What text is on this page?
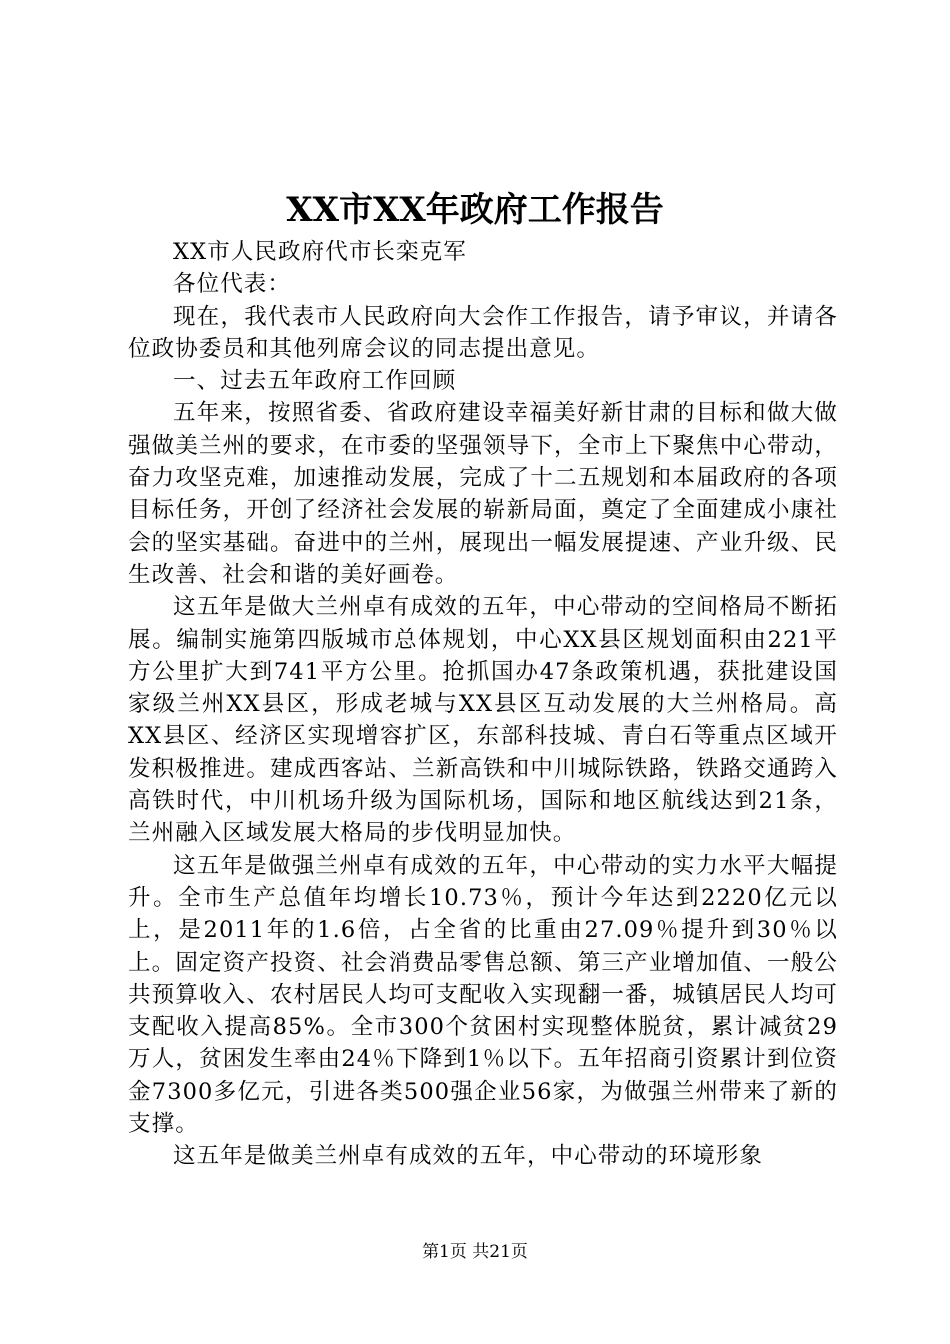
XX市XX年政府工作报告

XX市人民政府代市长栾克军

各位代表：

现在，我代表市人民政府向大会作工作报告，请予审议，并请各位政协委员和其他列席会议的同志提出意见。

一、过去五年政府工作回顾

五年来，按照省委、省政府建设幸福美好新甘肃的目标和做大做强做美兰州的要求，在市委的坚强领导下，全市上下聚焦中心带动，奋力攻坚克难，加速推动发展，完成了十二五规划和本届政府的各项目标任务，开创了经济社会发展的崭新局面，奠定了全面建成小康社会的坚实基础。奋进中的兰州，展现出一幅发展提速、产业升级、民生改善、社会和谐的美好画卷。

这五年是做大兰州卓有成效的五年，中心带动的空间格局不断拓展。编制实施第四版城市总体规划，中心XX县区规划面积由221平方公里扩大到741平方公里。抢抓国办47条政策机遇，获批建设国家级兰州XX县区，形成老城与XX县区互动发展的大兰州格局。高XX县区、经济区实现增容扩区，东部科技城、青白石等重点区域开发积极推进。建成西客站、兰新高铁和中川城际铁路，铁路交通跨入高铁时代，中川机场升级为国际机场，国际和地区航线达到21条，兰州融入区域发展大格局的步伐明显加快。

这五年是做强兰州卓有成效的五年，中心带动的实力水平大幅提升。全市生产总值年均增长10.73％，预计今年达到2220亿元以上，是2011年的1.6倍，占全省的比重由27.09％提升到30％以上。固定资产投资、社会消费品零售总额、第三产业增加值、一般公共预算收入、农村居民人均可支配收入实现翻一番，城镇居民人均可支配收入提高85%。全市300个贫困村实现整体脱贫，累计减贫29万人，贫困发生率由24％下降到1％以下。五年招商引资累计到位资金7300多亿元，引进各类500强企业56家，为做强兰州带来了新的支撑。

这五年是做美兰州卓有成效的五年，中心带动的环境形象

第1页 共21页
